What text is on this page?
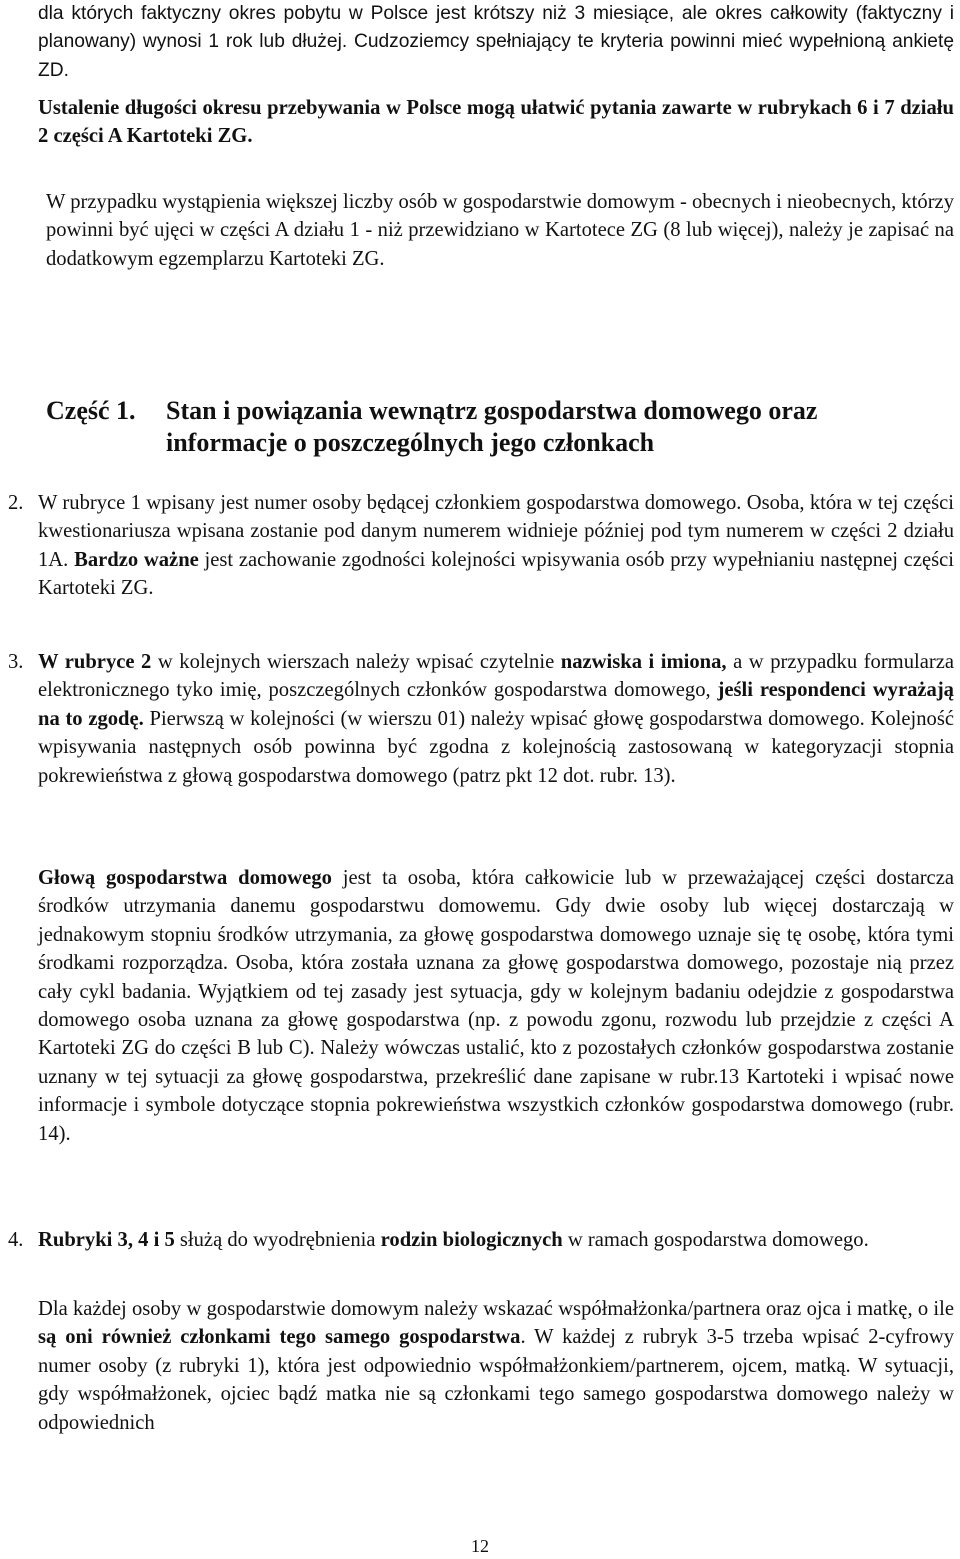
dla których faktyczny okres pobytu w Polsce jest krótszy niż 3 miesiące, ale okres całkowity (faktyczny i planowany) wynosi 1 rok lub dłużej. Cudzoziemcy spełniający te kryteria powinni mieć wypełnioną ankietę ZD.

Ustalenie długości okresu przebywania w Polsce mogą ułatwić pytania zawarte w rubrykach 6 i 7 działu 2 części A Kartoteki ZG.

W przypadku wystąpienia większej liczby osób w gospodarstwie domowym - obecnych i nieobecnych, którzy powinni być ujęci w części A działu 1 - niż przewidziano w Kartotece ZG (8 lub więcej), należy je zapisać na dodatkowym egzemplarzu Kartoteki ZG.

Część 1. Stan i powiązania wewnątrz gospodarstwa domowego oraz
informacje o poszczególnych jego członkach
2. W rubryce 1 wpisany jest numer osoby będącej członkiem gospodarstwa domowego. Osoba, która w tej części kwestionariusza wpisana zostanie pod danym numerem widnieje później pod tym numerem w części 2 działu 1A. Bardzo ważne jest zachowanie zgodności kolejności wpisywania osób przy wypełnianiu następnej części Kartoteki ZG.
3. W rubryce 2 w kolejnych wierszach należy wpisać czytelnie nazwiska i imiona, a w przypadku formularza elektronicznego tyko imię, poszczególnych członków gospodarstwa domowego, jeśli respondenci wyrażają na to zgodę. Pierwszą w kolejności (w wierszu 01) należy wpisać głowę gospodarstwa domowego. Kolejność wpisywania następnych osób powinna być zgodna z kolejnością zastosowaną w kategoryzacji stopnia pokrewieństwa z głową gospodarstwa domowego (patrz pkt 12 dot. rubr. 13).

Głową gospodarstwa domowego jest ta osoba, która całkowicie lub w przeważającej części dostarcza środków utrzymania danemu gospodarstwu domowemu. Gdy dwie osoby lub więcej dostarczają w jednakowym stopniu środków utrzymania, za głowę gospodarstwa domowego uznaje się tę osobę, która tymi środkami rozporządza. Osoba, która została uznana za głowę gospodarstwa domowego, pozostaje nią przez cały cykl badania. Wyjątkiem od tej zasady jest sytuacja, gdy w kolejnym badaniu odejdzie z gospodarstwa domowego osoba uznana za głowę gospodarstwa (np. z powodu zgonu, rozwodu lub przejdzie z części A Kartoteki ZG do części B lub C). Należy wówczas ustalić, kto z pozostałych członków gospodarstwa zostanie uznany w tej sytuacji za głowę gospodarstwa, przekreślić dane zapisane w rubr.13 Kartoteki i wpisać nowe informacje i symbole dotyczące stopnia pokrewieństwa wszystkich członków gospodarstwa domowego (rubr. 14).

4. Rubryki 3, 4 i 5 służą do wyodrębnienia rodzin biologicznych w ramach gospodarstwa domowego.

Dla każdej osoby w gospodarstwie domowym należy wskazać współmałżonka/partnera oraz ojca i matkę, o ile są oni również członkami tego samego gospodarstwa. W każdej z rubryk 3-5 trzeba wpisać 2-cyfrowy numer osoby (z rubryki 1), która jest odpowiednio współmałżonkiem/partnerem, ojcem, matką. W sytuacji, gdy współmałżonek, ojciec bądź matka nie są członkami tego samego gospodarstwa domowego należy w odpowiednich

12
